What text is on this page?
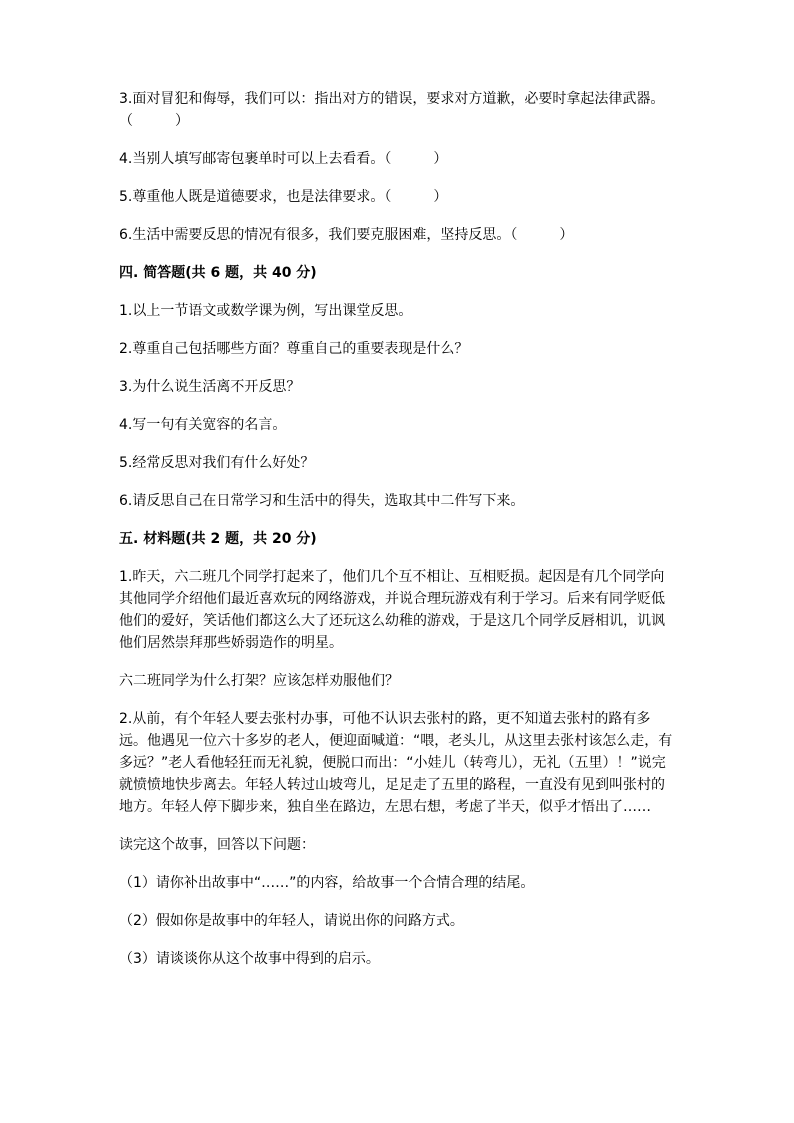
3.面对冒犯和侮辱，我们可以：指出对方的错误，要求对方道歉，必要时拿起法律武器。（　　　）

4.当别人填写邮寄包裹单时可以上去看看。（　　　）

5.尊重他人既是道德要求，也是法律要求。（　　　）

6.生活中需要反思的情况有很多，我们要克服困难，坚持反思。（　　　）

四. 简答题(共 6 题，共 40 分)

1.以上一节语文或数学课为例，写出课堂反思。

2.尊重自己包括哪些方面？尊重自己的重要表现是什么？

3.为什么说生活离不开反思？

4.写一句有关宽容的名言。

5.经常反思对我们有什么好处？

6.请反思自己在日常学习和生活中的得失，选取其中二件写下来。

五. 材料题(共 2 题，共 20 分)

1.昨天，六二班几个同学打起来了，他们几个互不相让、互相贬损。起因是有几个同学向其他同学介绍他们最近喜欢玩的网络游戏，并说合理玩游戏有利于学习。后来有同学贬低他们的爱好，笑话他们都这么大了还玩这么幼稚的游戏，于是这几个同学反唇相讥，讥讽他们居然崇拜那些娇弱造作的明星。

六二班同学为什么打架？应该怎样劝服他们？

2.从前，有个年轻人要去张村办事，可他不认识去张村的路，更不知道去张村的路有多远。他遇见一位六十多岁的老人，便迎面喊道：“喂，老头儿，从这里去张村该怎么走，有多远？”老人看他轻狂而无礼貌，便脱口而出：“小娃儿（转弯儿），无礼（五里）！”说完就愤愤地快步离去。年轻人转过山坡弯儿，足足走了五里的路程，一直没有见到叫张村的地方。年轻人停下脚步来，独自坐在路边，左思右想，考虑了半天，似乎才悟出了……

读完这个故事，回答以下问题：

（1）请你补出故事中“……”的内容，给故事一个合情合理的结尾。

（2）假如你是故事中的年轻人，请说出你的问路方式。

（3）请谈谈你从这个故事中得到的启示。
